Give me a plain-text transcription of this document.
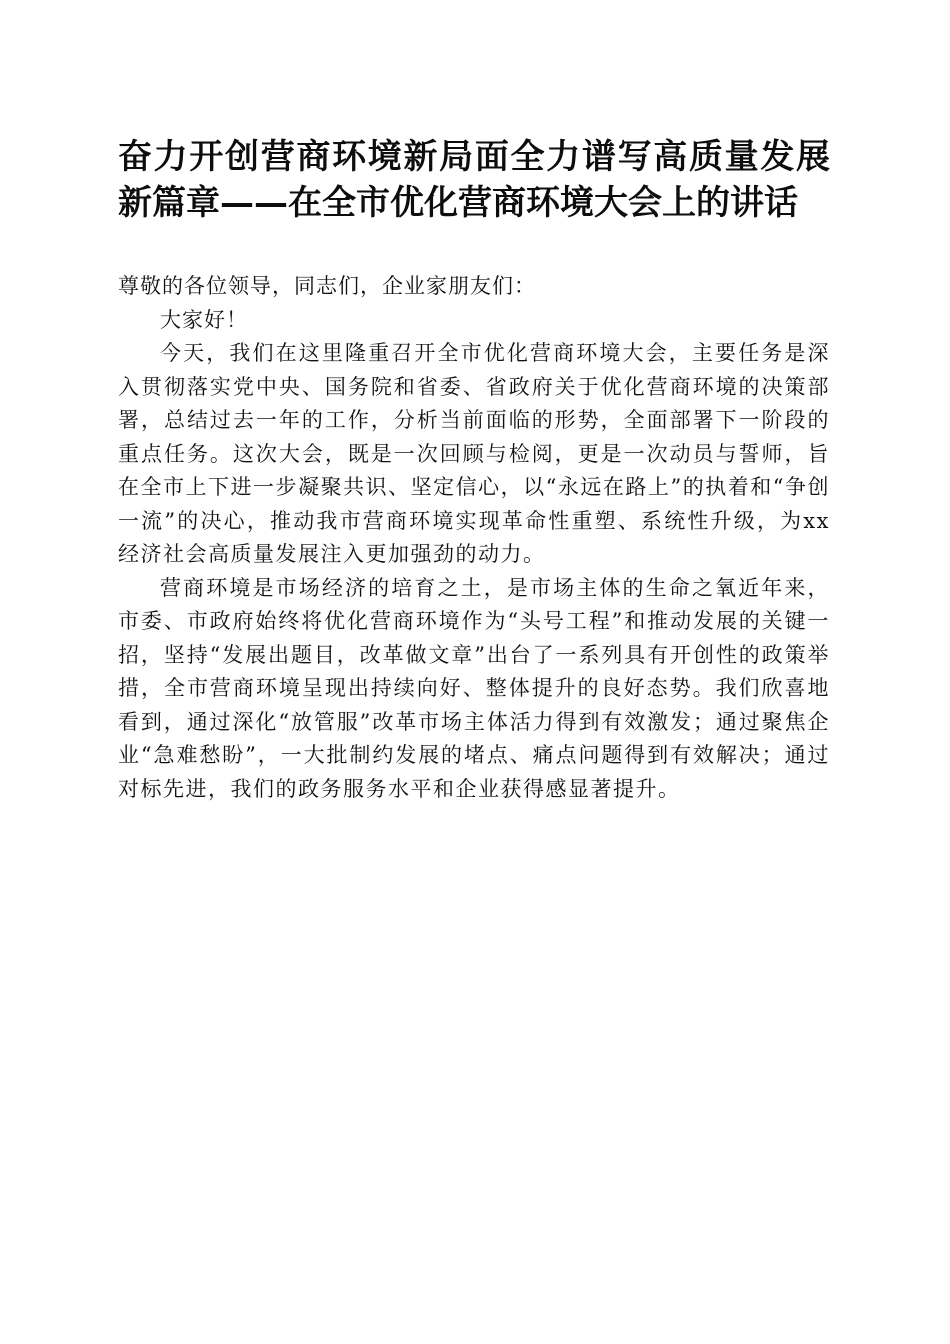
奋力开创营商环境新局面全力谱写高质量发展新篇章——在全市优化营商环境大会上的讲话

尊敬的各位领导，同志们，企业家朋友们：

大家好！

今天，我们在这里隆重召开全市优化营商环境大会，主要任务是深入贯彻落实党中央、国务院和省委、省政府关于优化营商环境的决策部署，总结过去一年的工作，分析当前面临的形势，全面部署下一阶段的重点任务。这次大会，既是一次回顾与检阅，更是一次动员与誓师，旨在全市上下进一步凝聚共识、坚定信心，以“永远在路上”的执着和“争创一流”的决心，推动我市营商环境实现革命性重塑、系统性升级，为xx经济社会高质量发展注入更加强劲的动力。

营商环境是市场经济的培育之土，是市场主体的生命之氧近年来，市委、市政府始终将优化营商环境作为“头号工程”和推动发展的关键一招，坚持“发展出题目，改革做文章”出台了一系列具有开创性的政策举措，全市营商环境呈现出持续向好、整体提升的良好态势。我们欣喜地看到，通过深化“放管服”改革市场主体活力得到有效激发；通过聚焦企业“急难愁盼”，一大批制约发展的堵点、痛点问题得到有效解决；通过对标先进，我们的政务服务水平和企业获得感显著提升。
